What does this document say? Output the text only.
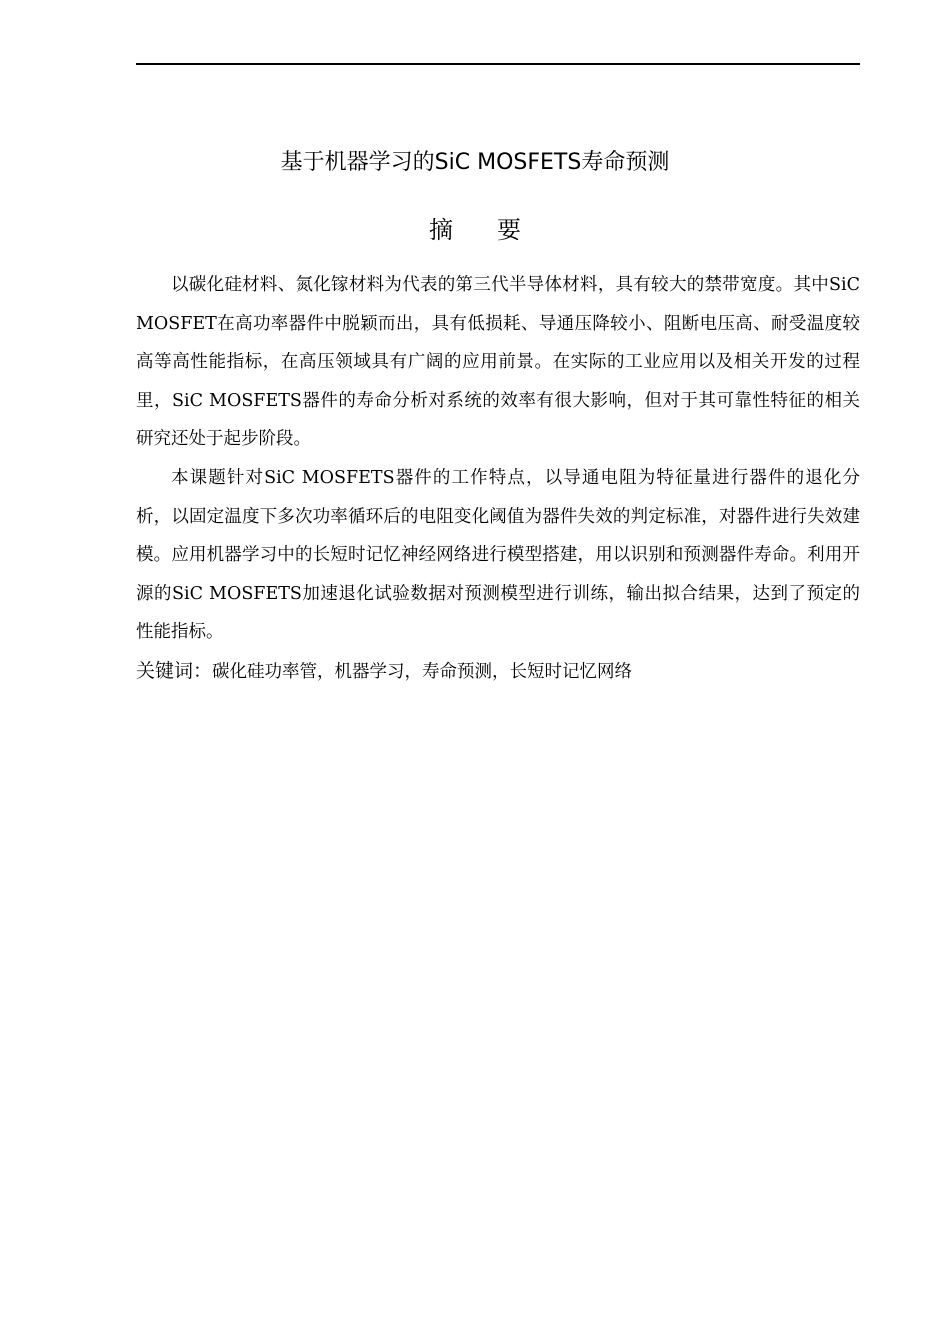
基于机器学习的SiC MOSFETS寿命预测
摘 要

以碳化硅材料、氮化镓材料为代表的第三代半导体材料，具有较大的禁带宽度。其中SiC MOSFET在高功率器件中脱颖而出，具有低损耗、导通压降较小、阻断电压高、耐受温度较高等高性能指标，在高压领域具有广阔的应用前景。在实际的工业应用以及相关开发的过程里，SiC MOSFETS器件的寿命分析对系统的效率有很大影响，但对于其可靠性特征的相关研究还处于起步阶段。

本课题针对SiC MOSFETS器件的工作特点，以导通电阻为特征量进行器件的退化分析，以固定温度下多次功率循环后的电阻变化阈值为器件失效的判定标准，对器件进行失效建模。应用机器学习中的长短时记忆神经网络进行模型搭建，用以识别和预测器件寿命。利用开源的SiC MOSFETS加速退化试验数据对预测模型进行训练，输出拟合结果，达到了预定的性能指标。

关键词：碳化硅功率管，机器学习，寿命预测，长短时记忆网络
